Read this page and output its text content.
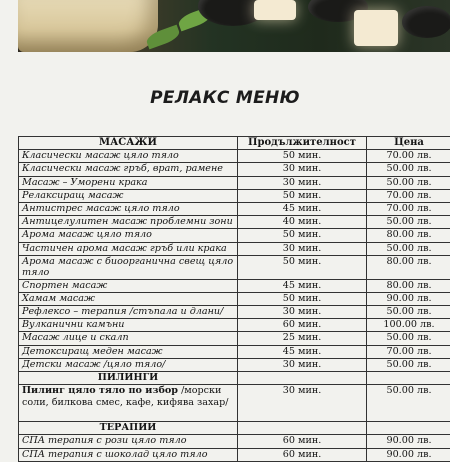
РЕЛАКС МЕНЮ
МАСАЖИ	Продължителност	Цена
Класически масаж цяло тяло	50 мин.	70.00 лв.
Класически масаж гръб, врат, рамене	30 мин.	50.00 лв.
Масаж – Уморени крака	30 мин.	50.00 лв.
Релаксиращ масаж	50 мин.	70.00 лв.
Антистрес масаж цяло тяло	45 мин.	70.00 лв.
Антицелулитен масаж проблемни зони	40 мин.	50.00 лв.
Арома масаж цяло тяло	50 мин.	80.00 лв.
Частичен арома масаж гръб или крака	30 мин.	50.00 лв.
Арома масаж с биоорганична свещ цяло тяло	50 мин.	80.00 лв.
Спортен масаж	45 мин.	80.00 лв.
Хамам масаж	50 мин.	90.00 лв.
Рефлексо – терапия /стъпала и длани/	30 мин.	50.00 лв.
Вулканични камъни	60 мин.	100.00 лв.
Масаж лице и скалп	25 мин.	50.00 лв.
Детоксиращ меден масаж	45 мин.	70.00 лв.
Детски масаж /цяло тяло/	30 мин.	50.00 лв.
ПИЛИНГИ		
Пилинг цяло тяло по избор /морски соли, билкова смес, кафе, кифява захар/	30 мин.	50.00 лв.
ТЕРАПИИ		
СПА терапия с рози цяло тяло	60 мин.	90.00 лв.
СПА терапия с шоколад цяло тяло	60 мин.	90.00 лв.
